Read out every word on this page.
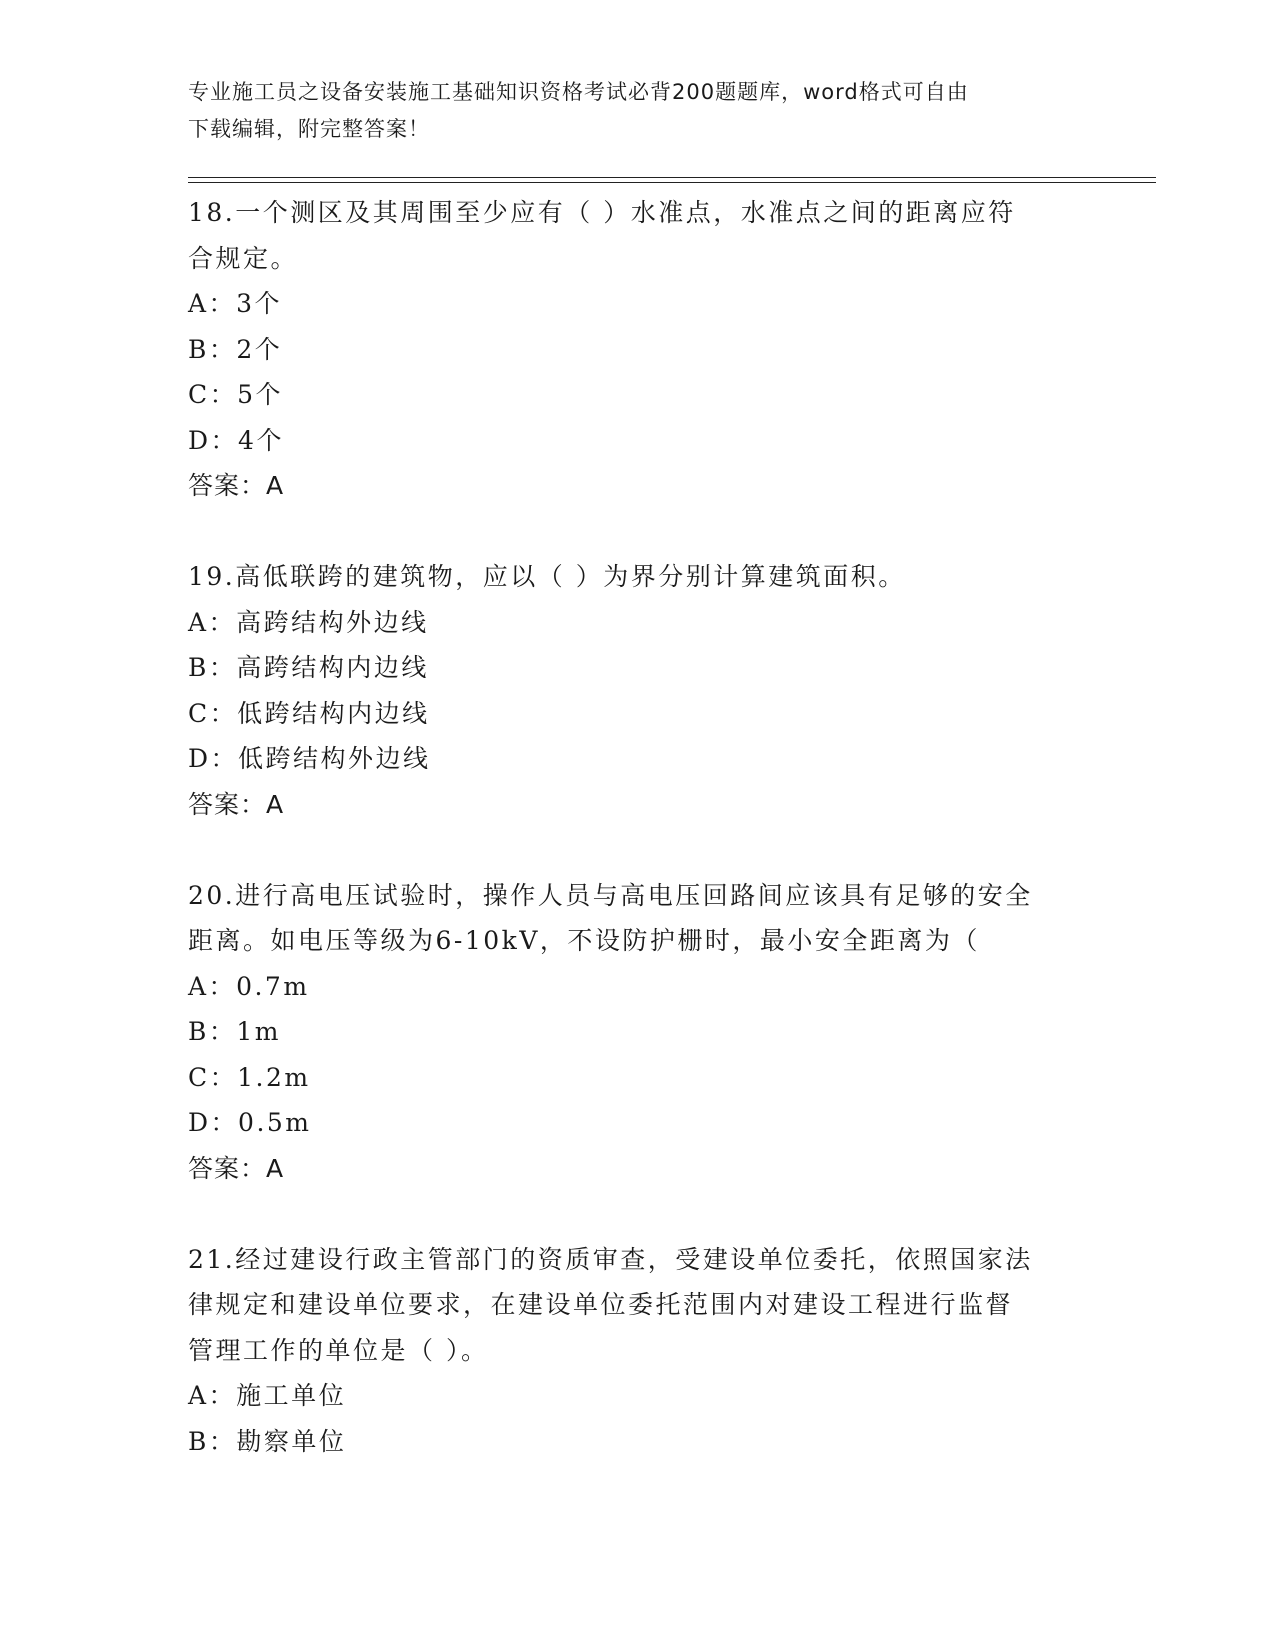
专业施工员之设备安装施工基础知识资格考试必背200题题库，word格式可自由
下载编辑，附完整答案！

18.一个测区及其周围至少应有（ ）水准点，水准点之间的距离应符

合规定。

A：3个

B：2个

C：5个

D：4个

答案：A

19.高低联跨的建筑物，应以（ ）为界分别计算建筑面积。

A：高跨结构外边线

B：高跨结构内边线

C：低跨结构内边线

D：低跨结构外边线

答案：A

20.进行高电压试验时，操作人员与高电压回路间应该具有足够的安全

距离。如电压等级为6-10kV，不设防护栅时，最小安全距离为（

A：0.7m

B：1m

C：1.2m

D：0.5m

答案：A

21.经过建设行政主管部门的资质审查，受建设单位委托，依照国家法

律规定和建设单位要求，在建设单位委托范围内对建设工程进行监督

管理工作的单位是（ ）。

A：施工单位

B：勘察单位
